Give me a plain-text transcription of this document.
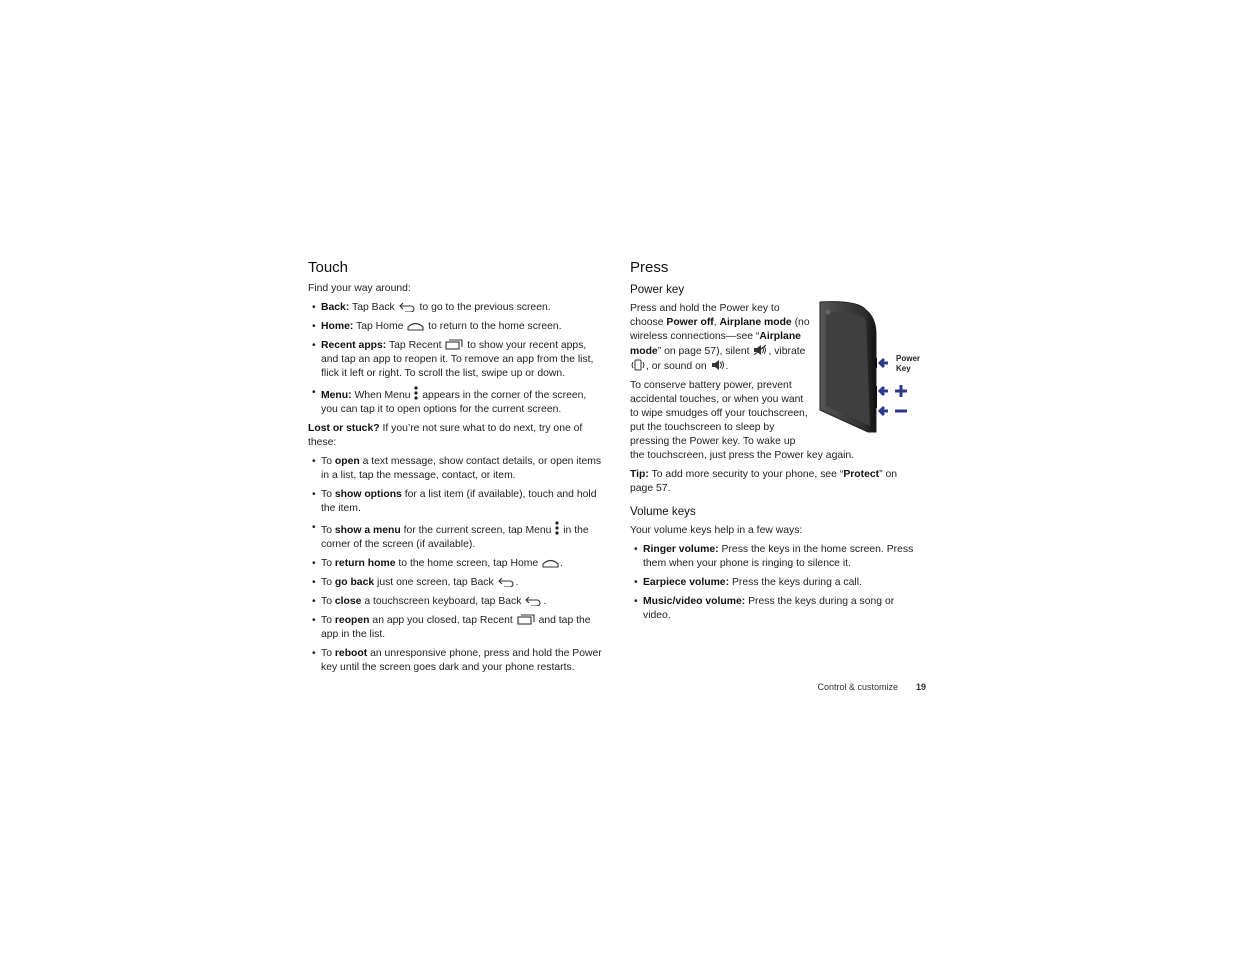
Touch

Find your way around:

• Back: Tap Back  to go to the previous screen.
• Home: Tap Home  to return to the home screen.
• Recent apps: Tap Recent  to show your recent apps, and tap an app to reopen it. To remove an app from the list, flick it left or right. To scroll the list, swipe up or down.
• Menu: When Menu  appears in the corner of the screen, you can tap it to open options for the current screen.

Lost or stuck? If you’re not sure what to do next, try one of these:

• To open a text message, show contact details, or open items in a list, tap the message, contact, or item.
• To show options for a list item (if available), touch and hold the item.
• To show a menu for the current screen, tap Menu  in the corner of the screen (if available).
• To return home to the home screen, tap Home .
• To go back just one screen, tap Back .
• To close a touchscreen keyboard, tap Back .
• To reopen an app you closed, tap Recent  and tap the app in the list.
• To reboot an unresponsive phone, press and hold the Power key until the screen goes dark and your phone restarts.
Press
Power key
Power
Key

Press and hold the Power key to choose Power off, Airplane mode (no wireless connections—see “Airplane mode” on page 57), silent , vibrate , or sound on .

To conserve battery power, prevent accidental touches, or when you want to wipe smudges off your touchscreen, put the touchscreen to sleep by pressing the Power key. To wake up the touchscreen, just press the Power key again.

Tip: To add more security to your phone, see “Protect” on page 57.

Volume keys

Your volume keys help in a few ways:

• Ringer volume: Press the keys in the home screen. Press them when your phone is ringing to silence it.
• Earpiece volume: Press the keys during a call.
• Music/video volume: Press the keys during a song or video.
Control & customize 19
